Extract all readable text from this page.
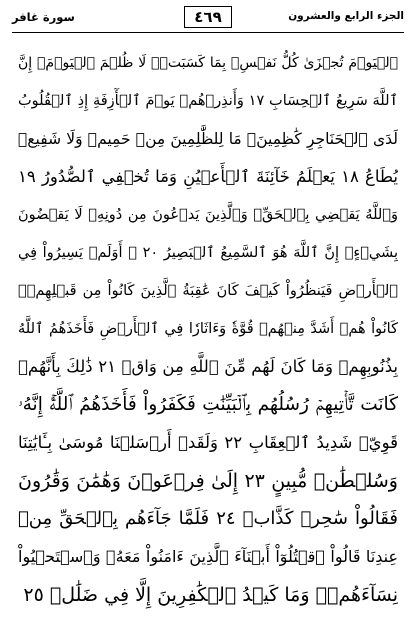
سورة غافر	٤٦٩	الجزء الرابع والعشرون
ٱلۡيَوۡمَ تُجۡزَىٰ كُلُّ نَفۡسِۭ بِمَا كَسَبَتۡۚ لَا ظُلۡمَ ٱلۡيَوۡمَۚ إِنَّ
ٱللَّهَ سَرِيعُ ٱلۡحِسَابِ ١٧ وَأَنذِرۡهُمۡ يَوۡمَ ٱلۡأٓزِفَةِ إِذِ ٱلۡقُلُوبُ
لَدَى ٱلۡحَنَاجِرِ كَٰظِمِينَۚ مَا لِلظَّٰلِمِينَ مِنۡ حَمِيمٖ وَلَا شَفِيعٖ
يُطَاعُ ١٨ يَعۡلَمُ خَآئِنَةَ ٱلۡأَعۡيُنِ وَمَا تُخۡفِي ٱلصُّدُورُ ١٩
وَٱللَّهُ يَقۡضِي بِٱلۡحَقِّۖ وَٱلَّذِينَ يَدۡعُونَ مِن دُونِهِۦ لَا يَقۡضُونَ
بِشَيۡءٍۗ إِنَّ ٱللَّهَ هُوَ ٱلسَّمِيعُ ٱلۡبَصِيرُ ٢٠ ۞ أَوَلَمۡ يَسِيرُواْ فِي
ٱلۡأَرۡضِ فَيَنظُرُواْ كَيۡفَ كَانَ عَٰقِبَةُ ٱلَّذِينَ كَانُواْ مِن قَبۡلِهِمۡۚ
كَانُواْ هُمۡ أَشَدَّ مِنۡهُمۡ قُوَّةٗ وَءَاثَارٗا فِي ٱلۡأَرۡضِ فَأَخَذَهُمُ ٱللَّهُ
بِذُنُوبِهِمۡ وَمَا كَانَ لَهُم مِّنَ ٱللَّهِ مِن وَاقٖ ٢١ ذَٰلِكَ بِأَنَّهُمۡ
كَانَت تَّأۡتِيهِمۡ رُسُلُهُم بِٱلۡبَيِّنَٰتِ فَكَفَرُواْ فَأَخَذَهُمُ ٱللَّهُۚ إِنَّهُۥ
قَوِيّٞ شَدِيدُ ٱلۡعِقَابِ ٢٢ وَلَقَدۡ أَرۡسَلۡنَا مُوسَىٰ بِـَٔايَٰتِنَا
وَسُلۡطَٰنٖ مُّبِينٍ ٢٣ إِلَىٰ فِرۡعَوۡنَ وَهَٰمَٰنَ وَقَٰرُونَ
فَقَالُواْ سَٰحِرٞ كَذَّابٞ ٢٤ فَلَمَّا جَآءَهُم بِٱلۡحَقِّ مِنۡ
عِندِنَا قَالُواْ ٱقۡتُلُوٓاْ أَبۡنَآءَ ٱلَّذِينَ ءَامَنُواْ مَعَهُۥ وَٱسۡتَحۡيُواْ
نِسَآءَهُمۡۚ وَمَا كَيۡدُ ٱلۡكَٰفِرِينَ إِلَّا فِي ضَلَٰلٖ ٢٥
